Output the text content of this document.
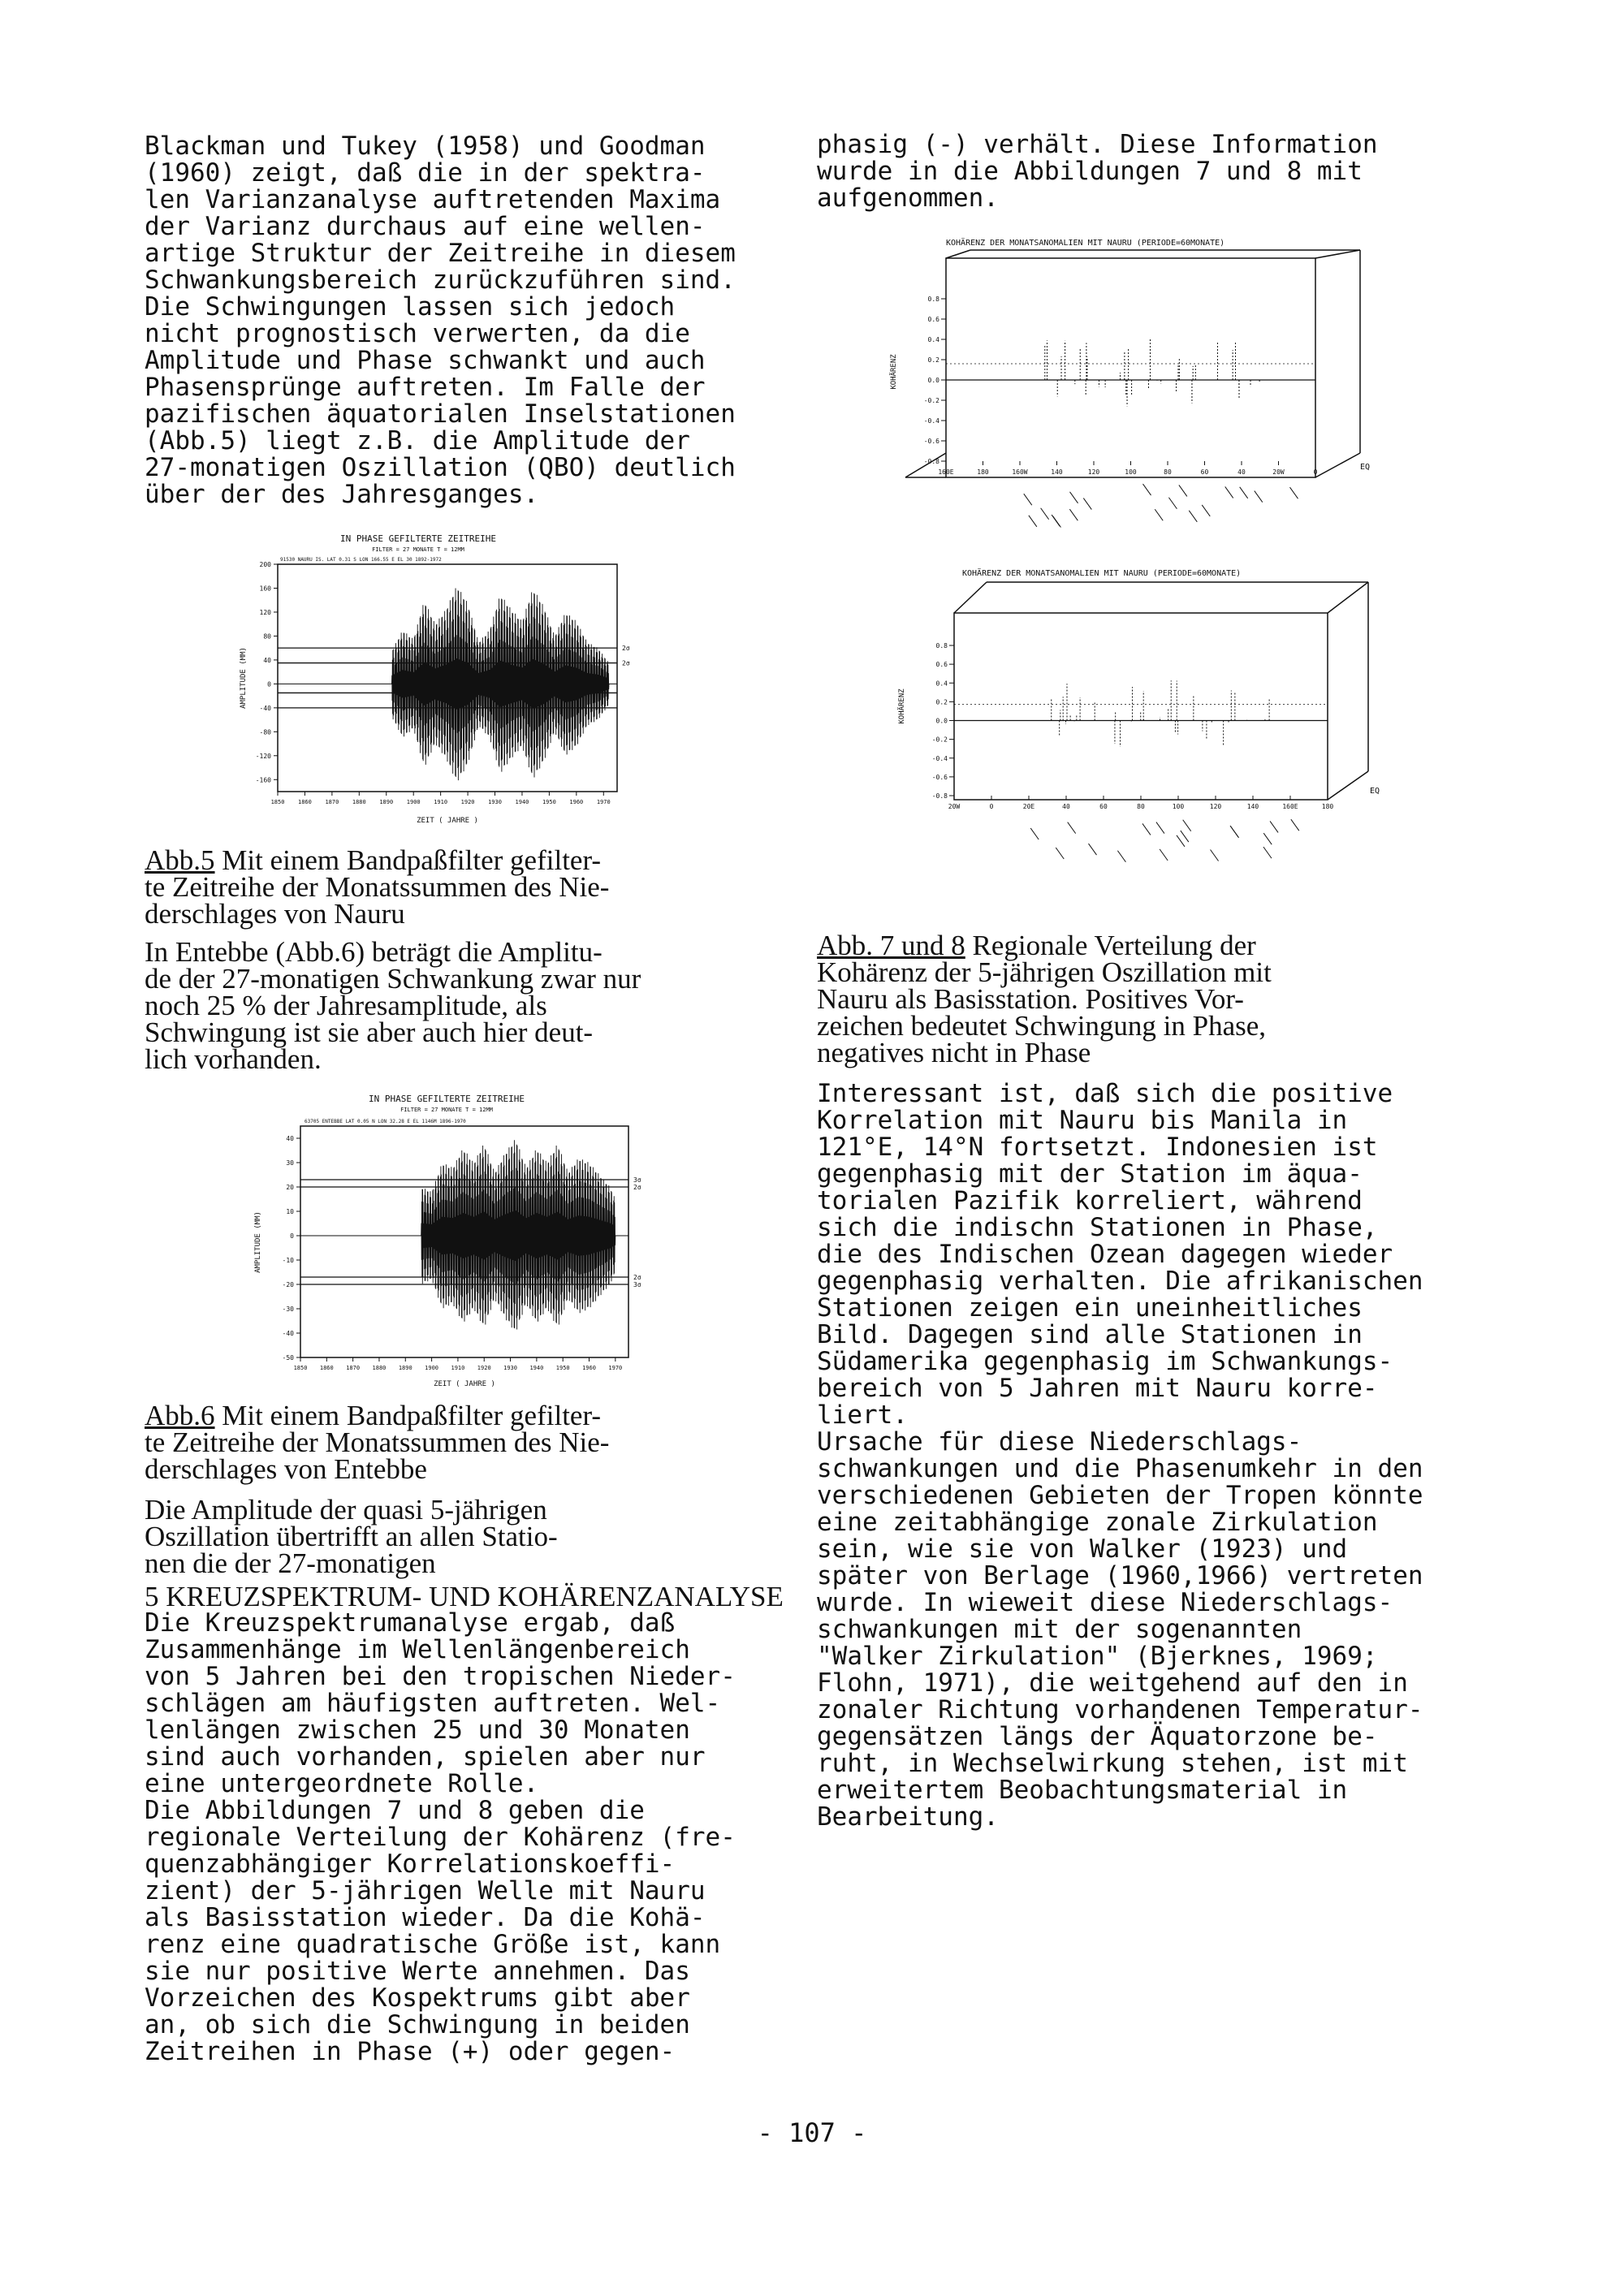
Blackman und Tukey (1958) und Goodman
(1960) zeigt, daß die in der spektra-
len Varianzanalyse auftretenden Maxima
der Varianz durchaus auf eine wellen-
artige Struktur der Zeitreihe in diesem
Schwankungsbereich zurückzuführen sind.
Die Schwingungen lassen sich jedoch
nicht prognostisch verwerten, da die
Amplitude und Phase schwankt und auch
Phasensprünge auftreten. Im Falle der
pazifischen äquatorialen Inselstationen
(Abb.5) liegt z.B. die Amplitude der
27-monatigen Oszillation (QBO) deutlich
über der des Jahresganges.

IN PHASE GEFILTERTE ZEITREIHE
FILTER = 27 MONATE T = 12MM
91530 NAURU IS. LAT 0.31 S LON 166.55 E EL 30 1892-1972
200
160
120
80
40
0
-40
-80
-120
-160
1850 1860 1870 1880 1890 1900 1910 1920 1930 1940 1950 1960 1970
2σ
2σ
AMPLITUDE (MM)
ZEIT ( JAHRE )

Abb.5 Mit einem Bandpaßfilter gefilter-
te Zeitreihe der Monatssummen des Nie-
derschlages von Nauru

In Entebbe (Abb.6) beträgt die Amplitu-
de der 27-monatigen Schwankung zwar nur
noch 25 % der Jahresamplitude, als
Schwingung ist sie aber auch hier deut-
lich vorhanden.

IN PHASE GEFILTERTE ZEITREIHE
FILTER = 27 MONATE T = 12MM
63705 ENTEBBE LAT 0.05 N LON 32.28 E EL 1146M 1896-1970
40
30
20
10
0
-10
-20
-30
-40
-50
1850 1860 1870 1880 1890 1900 1910 1920 1930 1940 1950 1960 1970
3σ
2σ
2σ
3σ
AMPLITUDE (MM)
ZEIT ( JAHRE )

Abb.6 Mit einem Bandpaßfilter gefilter-
te Zeitreihe der Monatssummen des Nie-
derschlages von Entebbe

Die Amplitude der quasi 5-jährigen
Oszillation übertrifft an allen Statio-
nen die der 27-monatigen

5 KREUZSPEKTRUM- UND KOHÄRENZANALYSE

Die Kreuzspektrumanalyse ergab, daß
Zusammenhänge im Wellenlängenbereich
von 5 Jahren bei den tropischen Nieder-
schlägen am häufigsten auftreten. Wel-
lenlängen zwischen 25 und 30 Monaten
sind auch vorhanden, spielen aber nur
eine untergeordnete Rolle.
Die Abbildungen 7 und 8 geben die
regionale Verteilung der Kohärenz (fre-
quenzabhängiger Korrelationskoeffi-
zient) der 5-jährigen Welle mit Nauru
als Basisstation wieder. Da die Kohä-
renz eine quadratische Größe ist, kann
sie nur positive Werte annehmen. Das
Vorzeichen des Kospektrums gibt aber
an, ob sich die Schwingung in beiden
Zeitreihen in Phase (+) oder gegen-

phasig (-) verhält. Diese Information
wurde in die Abbildungen 7 und 8 mit
aufgenommen.

KOHÄRENZ DER MONATSANOMALIEN MIT NAURU (PERIODE=60MONATE)
0.8
0.6
0.4
0.2
0.0
-0.2
-0.4
-0.6
-0.8
160E	180	160W	140	120	100	80	60	40	20W	0
KOHÄRENZ
EQ
KOHÄRENZ DER MONATSANOMALIEN MIT NAURU (PERIODE=60MONATE)
0.8
0.6
0.4
0.2
0.0
-0.2
-0.4
-0.6
-0.8
20W	0	20E	40	60	80	100	120	140	160E	180
KOHÄRENZ
EQ

Abb. 7 und 8 Regionale Verteilung der
Kohärenz der 5-jährigen Oszillation mit
Nauru als Basisstation. Positives Vor-
zeichen bedeutet Schwingung in Phase,
negatives nicht in Phase

Interessant ist, daß sich die positive
Korrelation mit Nauru bis Manila in
121°E, 14°N fortsetzt. Indonesien ist
gegenphasig mit der Station im äqua-
torialen Pazifik korreliert, während
sich die indischn Stationen in Phase,
die des Indischen Ozean dagegen wieder
gegenphasig verhalten. Die afrikanischen
Stationen zeigen ein uneinheitliches
Bild. Dagegen sind alle Stationen in
Südamerika gegenphasig im Schwankungs-
bereich von 5 Jahren mit Nauru korre-
liert.
Ursache für diese Niederschlags-
schwankungen und die Phasenumkehr in den
verschiedenen Gebieten der Tropen könnte
eine zeitabhängige zonale Zirkulation
sein, wie sie von Walker (1923) und
später von Berlage (1960,1966) vertreten
wurde. In wieweit diese Niederschlags-
schwankungen mit der sogenannten
"Walker Zirkulation" (Bjerknes, 1969;
Flohn, 1971), die weitgehend auf den in
zonaler Richtung vorhandenen Temperatur-
gegensätzen längs der Äquatorzone be-
ruht, in Wechselwirkung stehen, ist mit
erweitertem Beobachtungsmaterial in
Bearbeitung.

- 107 -
